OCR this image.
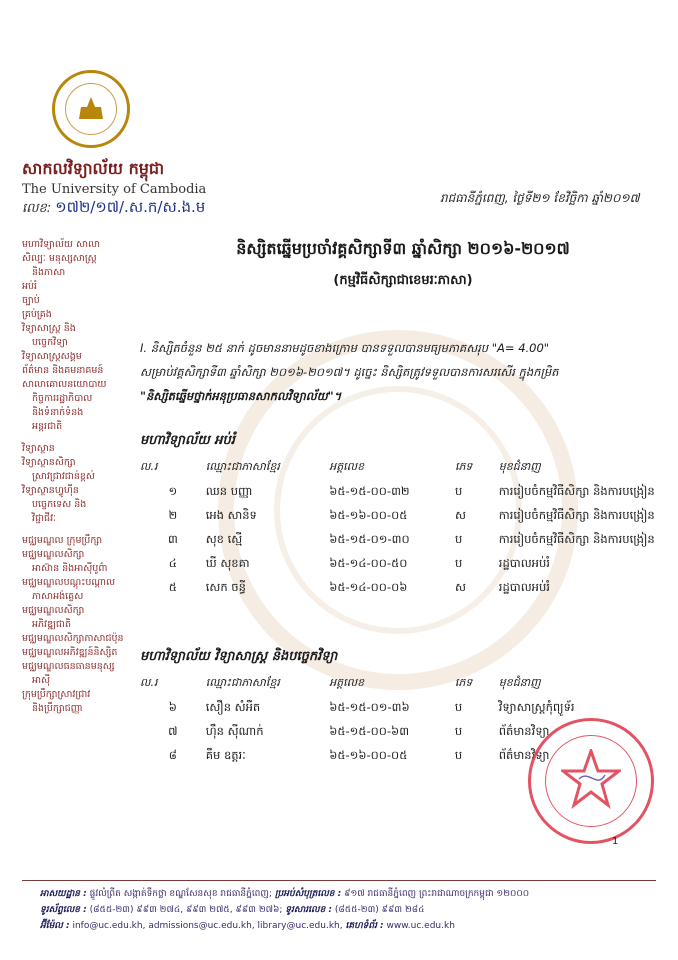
សាកលវិទ្យាល័យ កម្ពុជា
The University of Cambodia
លេខ: ១៧២/១៧/.ស.ក/ស.ង.ម	រាជធានីភ្នំពេញ, ថ្ងៃទី២១ ខែវិច្ឆិកា ឆ្នាំ២០១៧
មហាវិទ្យាល័យ សាលា
សិល្បៈ មនុស្សសាស្ត្រ
និងភាសា
អប់រំ
ច្បាប់
គ្រប់គ្រង
វិទ្យាសាស្ត្រ និង
បច្ចេកវិទ្យា
វិទ្យាសាស្ត្រសង្គម
ព័ត៌មាន និងគមនាគមន៍
សាលាគោលនយោបាយ
កិច្ចការរដ្ឋាភិបាល
និងទំនាក់ទំនង
អន្តរជាតិ
វិទ្យាស្ថាន
វិទ្យាស្ថានសិក្សា
ស្រាវជ្រាវជាន់ខ្ពស់
វិទ្យាស្ថានហ្វូហ៊ីន
បច្ចេកទេស និង
វិជ្ជាជីវៈ
មជ្ឈមណ្ឌល ក្រុមប្រឹក្សា
មជ្ឈមណ្ឌលសិក្សា
អាស៊ាន និងអាស៊ីបូព៌ា
មជ្ឈមណ្ឌលបណ្តុះបណ្តាល
ភាសាអង់គ្លេស
មជ្ឈមណ្ឌលសិក្សា
អភិវឌ្ឍជាតិ
មជ្ឈមណ្ឌលសិក្សាភាសាជប៉ុន
មជ្ឈមណ្ឌលអភិវឌ្ឍន៍និស្សិត
មជ្ឈមណ្ឌលធនធានមនុស្ស
អាស៊ី
ក្រុមប្រឹក្សាស្រាវជ្រាវ
និងប្រឹក្សាជញ្ញា
និស្សិតឆ្នើមប្រចាំវគ្គសិក្សាទី៣ ឆ្នាំសិក្សា ២០១៦-២០១៧
(កម្មវិធីសិក្សាជាខេមរៈភាសា)
I. និស្សិតចំនួន ២៥ នាក់ ដូចមាននាមដូចខាងក្រោម បានទទួលបានមធ្យមភាគសរុប "A= 4.00"
សម្រាប់វគ្គសិក្សាទី៣ ឆ្នាំសិក្សា ២០១៦-២០១៧។ ដូច្នេះ និស្សិតត្រូវទទួលបានការសរសើរ ក្នុងកម្រិត
"និស្សិតឆ្នើមថ្នាក់អនុប្រធានសាកលវិទ្យាល័យ"។
មហាវិទ្យាល័យ អប់រំ
ល.រ	ឈ្មោះជាភាសាខ្មែរ	អត្តលេខ	ភេទ	មុខជំនាញ
១	ឈន បញ្ញា	៦៥-១៥-០០-៣២	ប	ការរៀបចំកម្មវិធីសិក្សា និងការបង្រៀន
២	អេង សានិទ	៦៥-១៦-០០-០៥	ស	ការរៀបចំកម្មវិធីសិក្សា និងការបង្រៀន
៣	សុខ ស្មើ	៦៥-១៥-០១-៣០	ប	ការរៀបចំកម្មវិធីសិក្សា និងការបង្រៀន
៤	ឃី សុខគា	៦៥-១៤-០០-៥០	ប	រដ្ឋបាលអប់រំ
៥	សេក ចន្ធី	៦៥-១៤-០០-០៦	ស	រដ្ឋបាលអប់រំ
មហាវិទ្យាល័យ វិទ្យាសាស្ត្រ និងបច្ចេកវិទ្យា
ល.រ	ឈ្មោះជាភាសាខ្មែរ	អត្តលេខ	ភេទ	មុខជំនាញ
៦	សឿន សំអឺត	៦៥-១៥-០១-៣៦	ប	វិទ្យាសាស្ត្រកុំព្យូទ័រ
៧	ហ៊ឹន ស៊ីណាក់	៦៥-១៥-០០-៦៣	ប	ព័ត៌មានវិទ្យា
៨	គឹម ឧត្តរៈ	៦៥-១៦-០០-០៥	ប	ព័ត៌មានវិទ្យា
1
អាសយដ្ឋាន : ផ្លូវលំព្រីត សង្កាត់ទឹកថ្លា ខណ្ឌសែនសុខ រាជធានីភ្នំពេញ; ប្រអប់សំបុត្រលេខ : ៩១៧ រាជធានីភ្នំពេញ ព្រះរាជាណាចក្រកម្ពុជា ១២០០០
ទូរស័ព្ទលេខ : (៨៥៥-២៣) ៩៩៣ ២៧៤, ៩៩៣ ២៧៥, ៩៩៣ ២៧៦; ទូរសារលេខ : (៨៥៥-២៣) ៩៩៣ ២៨៤
អ៊ីម៉ែល : info@uc.edu.kh, admissions@uc.edu.kh, library@uc.edu.kh, គេហទំព័រ : www.uc.edu.kh
